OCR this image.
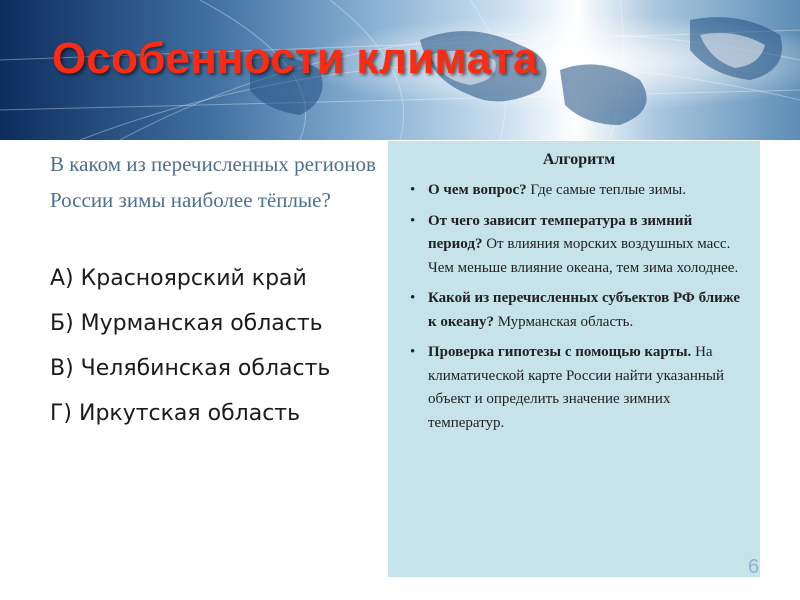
Особенности климата

В каком из перечисленных регионов России зимы наиболее тёплые?

А) Красноярский край
Б) Мурманская область
В) Челябинская область
Г) Иркутская область
Алгоритм
• О чем вопрос? Где самые теплые зимы.
• От чего зависит температура в зимний период? От влияния морских воздушных масс. Чем меньше влияние океана, тем зима холоднее.
• Какой из перечисленных субъектов РФ ближе к океану? Мурманская область.
• Проверка гипотезы с помощью карты. На климатической карте России найти указанный объект и определить значение зимних температур.
6
